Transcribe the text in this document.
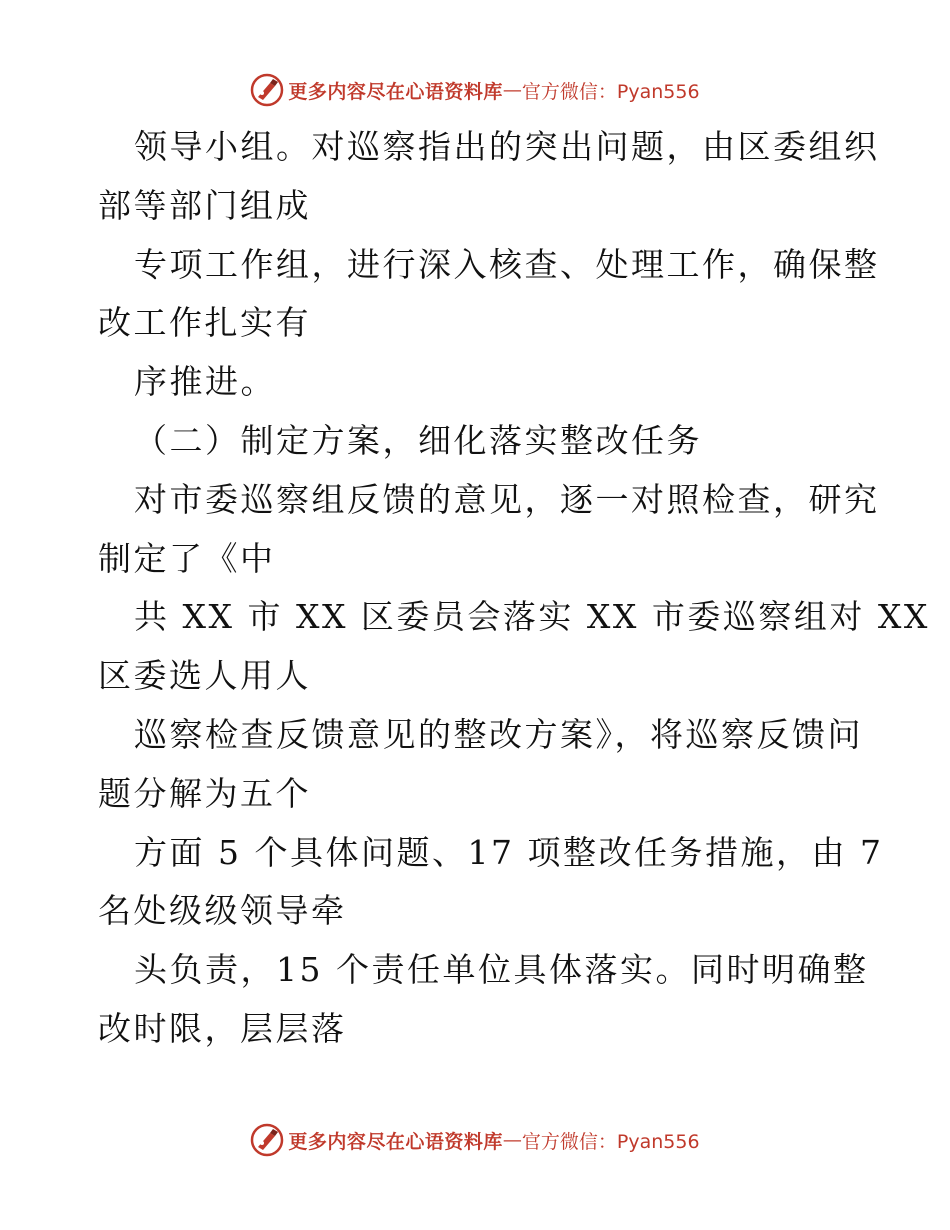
更多内容尽在心语资料库 — 官方微信：Pyan556
领导小组。对巡察指出的突出问题，由区委组织
部等部门组成
专项工作组，进行深入核查、处理工作，确保整
改工作扎实有
序推进。
（二）制定方案，细化落实整改任务
对市委巡察组反馈的意见，逐一对照检查，研究
制定了《中
共 XX 市 XX 区委员会落实 XX 市委巡察组对 XX
区委选人用人
巡察检查反馈意见的整改方案》，将巡察反馈问
题分解为五个
方面 5 个具体问题、17 项整改任务措施，由 7
名处级级领导牵
头负责，15 个责任单位具体落实。同时明确整
改时限，层层落
更多内容尽在心语资料库 — 官方微信：Pyan556
